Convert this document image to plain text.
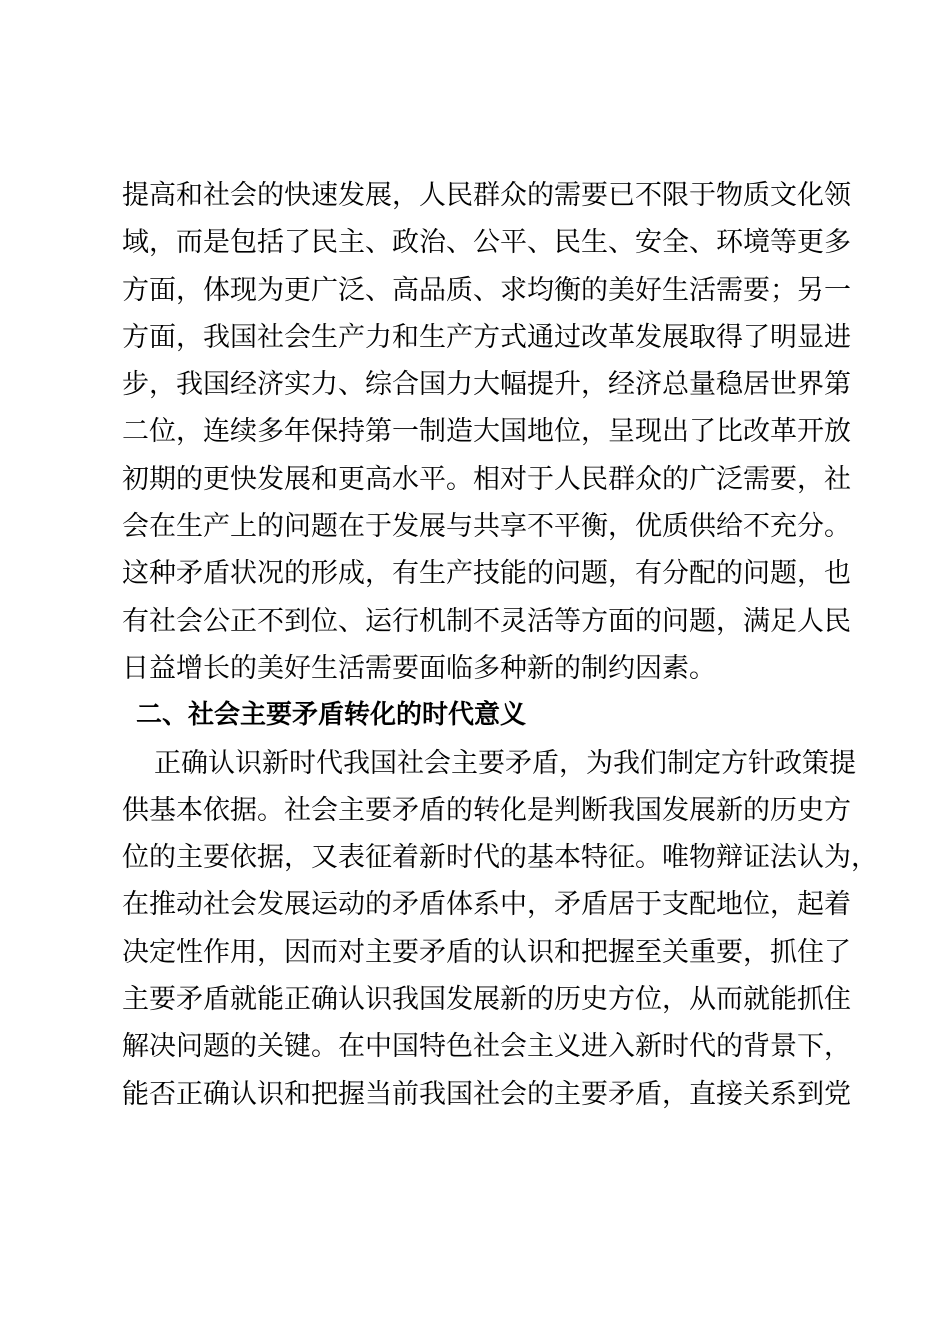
提高和社会的快速发展，人民群众的需要已不限于物质文化领
域，而是包括了民主、政治、公平、民生、安全、环境等更多
方面，体现为更广泛、高品质、求均衡的美好生活需要；另一
方面，我国社会生产力和生产方式通过改革发展取得了明显进
步，我国经济实力、综合国力大幅提升，经济总量稳居世界第
二位，连续多年保持第一制造大国地位，呈现出了比改革开放
初期的更快发展和更高水平。相对于人民群众的广泛需要，社
会在生产上的问题在于发展与共享不平衡，优质供给不充分。
这种矛盾状况的形成，有生产技能的问题，有分配的问题，也
有社会公正不到位、运行机制不灵活等方面的问题，满足人民
日益增长的美好生活需要面临多种新的制约因素。
二、社会主要矛盾转化的时代意义
正确认识新时代我国社会主要矛盾，为我们制定方针政策提
供基本依据。社会主要矛盾的转化是判断我国发展新的历史方
位的主要依据，又表征着新时代的基本特征。唯物辩证法认为，
在推动社会发展运动的矛盾体系中，矛盾居于支配地位，起着
决定性作用，因而对主要矛盾的认识和把握至关重要，抓住了
主要矛盾就能正确认识我国发展新的历史方位，从而就能抓住
解决问题的关键。在中国特色社会主义进入新时代的背景下，
能否正确认识和把握当前我国社会的主要矛盾，直接关系到党
